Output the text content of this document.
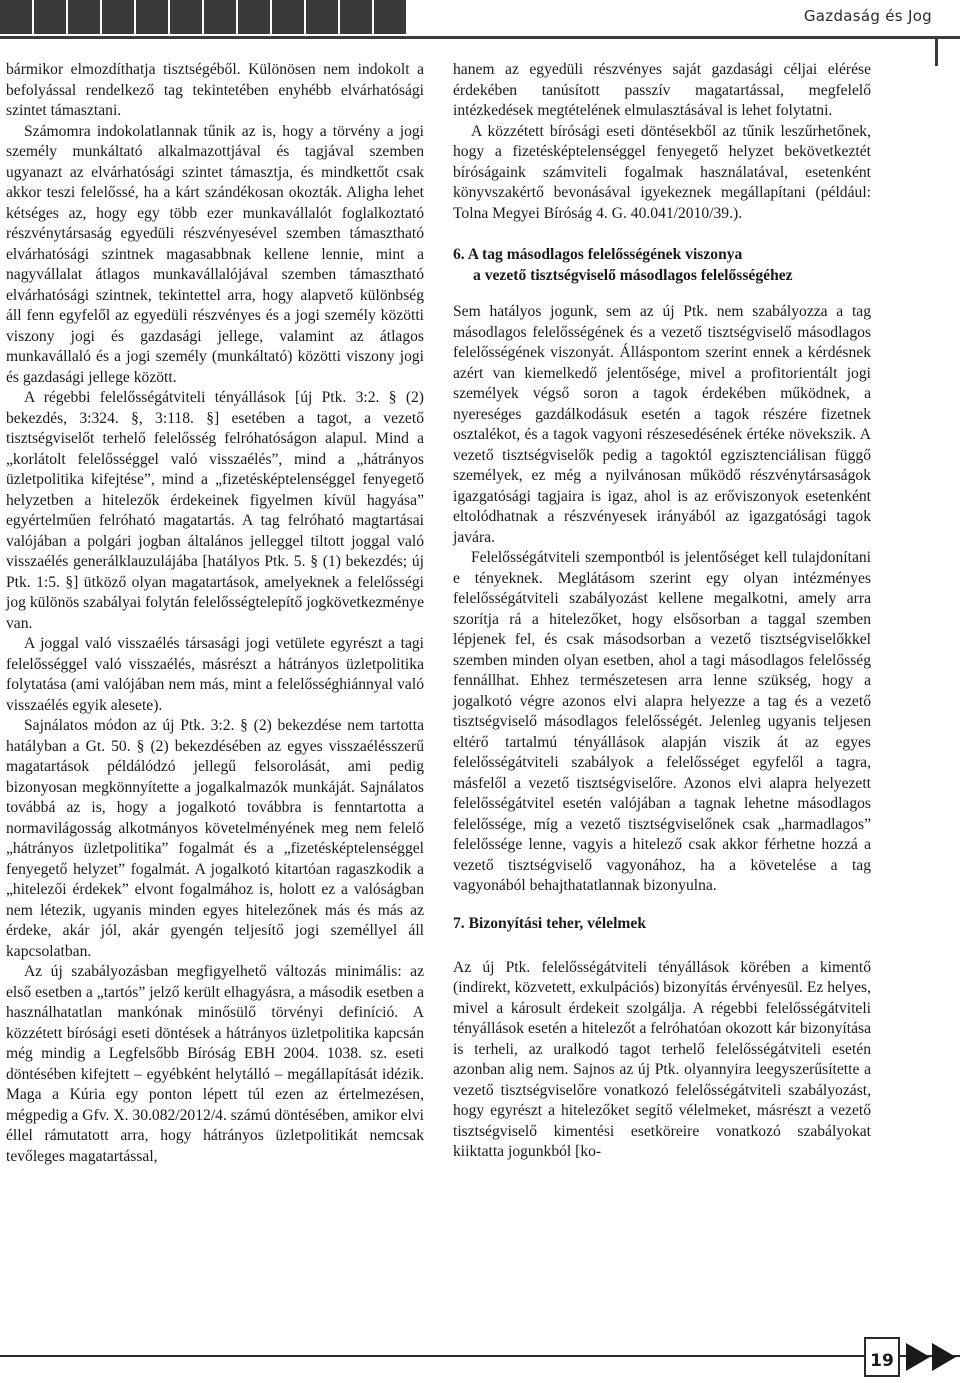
Gazdaság és Jog

bármikor elmozdíthatja tisztségéből. Különösen nem indokolt a befolyással rendelkező tag tekintetében enyhébb elvárhatósági szintet támasztani.

Számomra indokolatlannak tűnik az is, hogy a törvény a jogi személy munkáltató alkalmazottjával és tagjával szemben ugyanazt az elvárhatósági szintet támasztja, és mindkettőt csak akkor teszi felelőssé, ha a kárt szándékosan okozták. Aligha lehet kétséges az, hogy egy több ezer munkavállalót foglalkoztató részvénytársaság egyedüli részvényesével szemben támasztható elvárhatósági szintnek magasabbnak kellene lennie, mint a nagyvállalat átlagos munkavállalójával szemben támasztható elvárhatósági szintnek, tekintettel arra, hogy alapvető különbség áll fenn egyfelől az egyedüli részvényes és a jogi személy közötti viszony jogi és gazdasági jellege, valamint az átlagos munkavállaló és a jogi személy (munkáltató) közötti viszony jogi és gazdasági jellege között.

A régebbi felelősségátviteli tényállások [új Ptk. 3:2. § (2) bekezdés, 3:324. §, 3:118. §] esetében a tagot, a vezető tisztségviselőt terhelő felelősség felróhatóságon alapul. Mind a „korlátolt felelősséggel való visszaélés”, mind a „hátrányos üzletpolitika kifejtése”, mind a „fizetésképtelenséggel fenyegető helyzetben a hitelezők érdekeinek figyelmen kívül hagyása” egyértelműen felróható magatartás. A tag felróható magtartásai valójában a polgári jogban általános jelleggel tiltott joggal való visszaélés generálklauzulájába [hatályos Ptk. 5. § (1) bekezdés; új Ptk. 1:5. §] ütköző olyan magatartások, amelyeknek a felelősségi jog különös szabályai folytán felelősségtelepítő jogkövetkezménye van.

A joggal való visszaélés társasági jogi vetülete egyrészt a tagi felelősséggel való visszaélés, másrészt a hátrányos üzletpolitika folytatása (ami valójában nem más, mint a felelősséghiánnyal való visszaélés egyik alesete).

Sajnálatos módon az új Ptk. 3:2. § (2) bekezdése nem tartotta hatályban a Gt. 50. § (2) bekezdésében az egyes visszaélésszerű magatartások példálódzó jellegű felsorolását, ami pedig bizonyosan megkönnyítette a jogalkalmazók munkáját. Sajnálatos továbbá az is, hogy a jogalkotó továbbra is fenntartotta a normavilágosság alkotmányos követelményének meg nem felelő „hátrányos üzletpolitika” fogalmát és a „fizetésképtelenséggel fenyegető helyzet” fogalmát. A jogalkotó kitartóan ragaszkodik a „hitelezői érdekek” elvont fogalmához is, holott ez a valóságban nem létezik, ugyanis minden egyes hitelezőnek más és más az érdeke, akár jól, akár gyengén teljesítő jogi személlyel áll kapcsolatban.

Az új szabályozásban megfigyelhető változás minimális: az első esetben a „tartós” jelző került elhagyásra, a második esetben a használhatatlan mankónak minősülő törvényi definíció. A közzétett bírósági eseti döntések a hátrányos üzletpolitika kapcsán még mindig a Legfelsőbb Bíróság EBH 2004. 1038. sz. eseti döntésében kifejtett – egyébként helytálló – megállapítását idézik. Maga a Kúria egy ponton lépett túl ezen az értelmezésen, mégpedig a Gfv. X. 30.082/2012/4. számú döntésében, amikor elvi éllel rámutatott arra, hogy hátrányos üzletpolitikát nemcsak tevőleges magatartással,

hanem az egyedüli részvényes saját gazdasági céljai elérése érdekében tanúsított passzív magatartással, megfelelő intézkedések megtételének elmulasztásával is lehet folytatni.

A közzétett bírósági eseti döntésekből az tűnik leszűrhetőnek, hogy a fizetésképtelenséggel fenyegető helyzet bekövetkeztét bíróságaink számviteli fogalmak használatával, esetenként könyvszakértő bevonásával igyekeznek megállapítani (például: Tolna Megyei Bíróság 4. G. 40.041/2010/39.).

6. A tag másodlagos felelősségének viszonya
a vezető tisztségviselő másodlagos felelősségéhez

Sem hatályos jogunk, sem az új Ptk. nem szabályozza a tag másodlagos felelősségének és a vezető tisztségviselő másodlagos felelősségének viszonyát. Álláspontom szerint ennek a kérdésnek azért van kiemelkedő jelentősége, mivel a profitorientált jogi személyek végső soron a tagok érdekében működnek, a nyereséges gazdálkodásuk esetén a tagok részére fizetnek osztalékot, és a tagok vagyoni részesedésének értéke növekszik. A vezető tisztségviselők pedig a tagoktól egzisztenciálisan függő személyek, ez még a nyilvánosan működő részvénytársaságok igazgatósági tagjaira is igaz, ahol is az erőviszonyok esetenként eltolódhatnak a részvényesek irányából az igazgatósági tagok javára.

Felelősségátviteli szempontból is jelentőséget kell tulajdonítani e tényeknek. Meglátásom szerint egy olyan intézményes felelősségátviteli szabályozást kellene megalkotni, amely arra szorítja rá a hitelezőket, hogy elsősorban a taggal szemben lépjenek fel, és csak másodsorban a vezető tisztségviselőkkel szemben minden olyan esetben, ahol a tagi másodlagos felelősség fennállhat. Ehhez természetesen arra lenne szükség, hogy a jogalkotó végre azonos elvi alapra helyezze a tag és a vezető tisztségviselő másodlagos felelősségét. Jelenleg ugyanis teljesen eltérő tartalmú tényállások alapján viszik át az egyes felelősségátviteli szabályok a felelősséget egyfelől a tagra, másfelől a vezető tisztségviselőre. Azonos elvi alapra helyezett felelősségátvitel esetén valójában a tagnak lehetne másodlagos felelőssége, míg a vezető tisztségviselőnek csak „harmadlagos” felelőssége lenne, vagyis a hitelező csak akkor férhetne hozzá a vezető tisztségviselő vagyonához, ha a követelése a tag vagyonából behajthatatlannak bizonyulna.

7. Bizonyítási teher, vélelmek

Az új Ptk. felelősségátviteli tényállások körében a kimentő (indirekt, közvetett, exkulpációs) bizonyítás érvényesül. Ez helyes, mivel a károsult érdekeit szolgálja. A régebbi felelősségátviteli tényállások esetén a hitelezőt a felróhatóan okozott kár bizonyítása is terheli, az uralkodó tagot terhelő felelősségátviteli esetén azonban alig nem. Sajnos az új Ptk. olyannyira leegyszerűsítette a vezető tisztségviselőre vonatkozó felelősségátviteli szabályozást, hogy egyrészt a hitelezőket segítő vélelmeket, másrészt a vezető tisztségviselő kimentési esetköreire vonatkozó szabályokat kiiktatta jogunkból [ko-

19
